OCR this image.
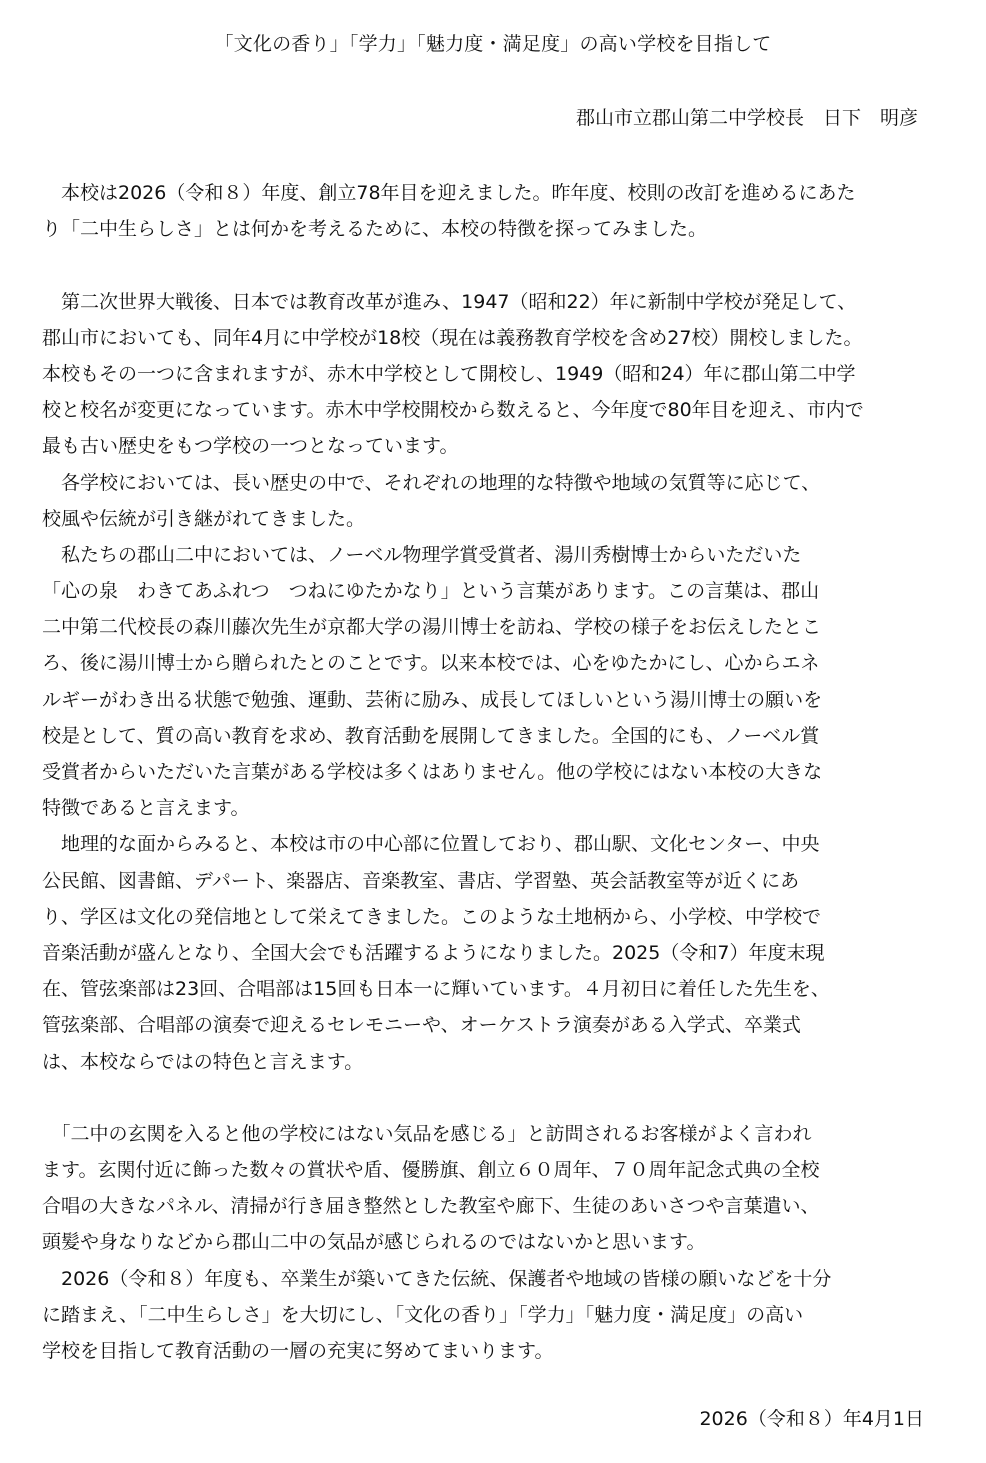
「文化の香り」「学力」「魅力度・満足度」の高い学校を目指して
郡山市立郡山第二中学校長　日下　明彦
　本校は2026（令和８）年度、創立78年目を迎えました。昨年度、校則の改訂を進めるにあた
り「二中生らしさ」とは何かを考えるために、本校の特徴を探ってみました。
　第二次世界大戦後、日本では教育改革が進み、1947（昭和22）年に新制中学校が発足して、
郡山市においても、同年4月に中学校が18校（現在は義務教育学校を含め27校）開校しました。
本校もその一つに含まれますが、赤木中学校として開校し、1949（昭和24）年に郡山第二中学
校と校名が変更になっています。赤木中学校開校から数えると、今年度で80年目を迎え、市内で
最も古い歴史をもつ学校の一つとなっています。
　各学校においては、長い歴史の中で、それぞれの地理的な特徴や地域の気質等に応じて、
校風や伝統が引き継がれてきました。
　私たちの郡山二中においては、ノーベル物理学賞受賞者、湯川秀樹博士からいただいた
「心の泉　わきてあふれつ　つねにゆたかなり」という言葉があります。この言葉は、郡山
二中第二代校長の森川藤次先生が京都大学の湯川博士を訪ね、学校の様子をお伝えしたとこ
ろ、後に湯川博士から贈られたとのことです。以来本校では、心をゆたかにし、心からエネ
ルギーがわき出る状態で勉強、運動、芸術に励み、成長してほしいという湯川博士の願いを
校是として、質の高い教育を求め、教育活動を展開してきました。全国的にも、ノーベル賞
受賞者からいただいた言葉がある学校は多くはありません。他の学校にはない本校の大きな
特徴であると言えます。
　地理的な面からみると、本校は市の中心部に位置しており、郡山駅、文化センター、中央
公民館、図書館、デパート、楽器店、音楽教室、書店、学習塾、英会話教室等が近くにあ
り、学区は文化の発信地として栄えてきました。このような土地柄から、小学校、中学校で
音楽活動が盛んとなり、全国大会でも活躍するようになりました。2025（令和7）年度末現
在、管弦楽部は23回、合唱部は15回も日本一に輝いています。４月初日に着任した先生を、
管弦楽部、合唱部の演奏で迎えるセレモニーや、オーケストラ演奏がある入学式、卒業式
は、本校ならではの特色と言えます。
　「二中の玄関を入ると他の学校にはない気品を感じる」と訪問されるお客様がよく言われ
ます。玄関付近に飾った数々の賞状や盾、優勝旗、創立６０周年、７０周年記念式典の全校
合唱の大きなパネル、清掃が行き届き整然とした教室や廊下、生徒のあいさつや言葉遣い、
頭髪や身なりなどから郡山二中の気品が感じられるのではないかと思います。
　2026（令和８）年度も、卒業生が築いてきた伝統、保護者や地域の皆様の願いなどを十分
に踏まえ、「二中生らしさ」を大切にし、「文化の香り」「学力」「魅力度・満足度」の高い
学校を目指して教育活動の一層の充実に努めてまいります。
2026（令和８）年4月1日
